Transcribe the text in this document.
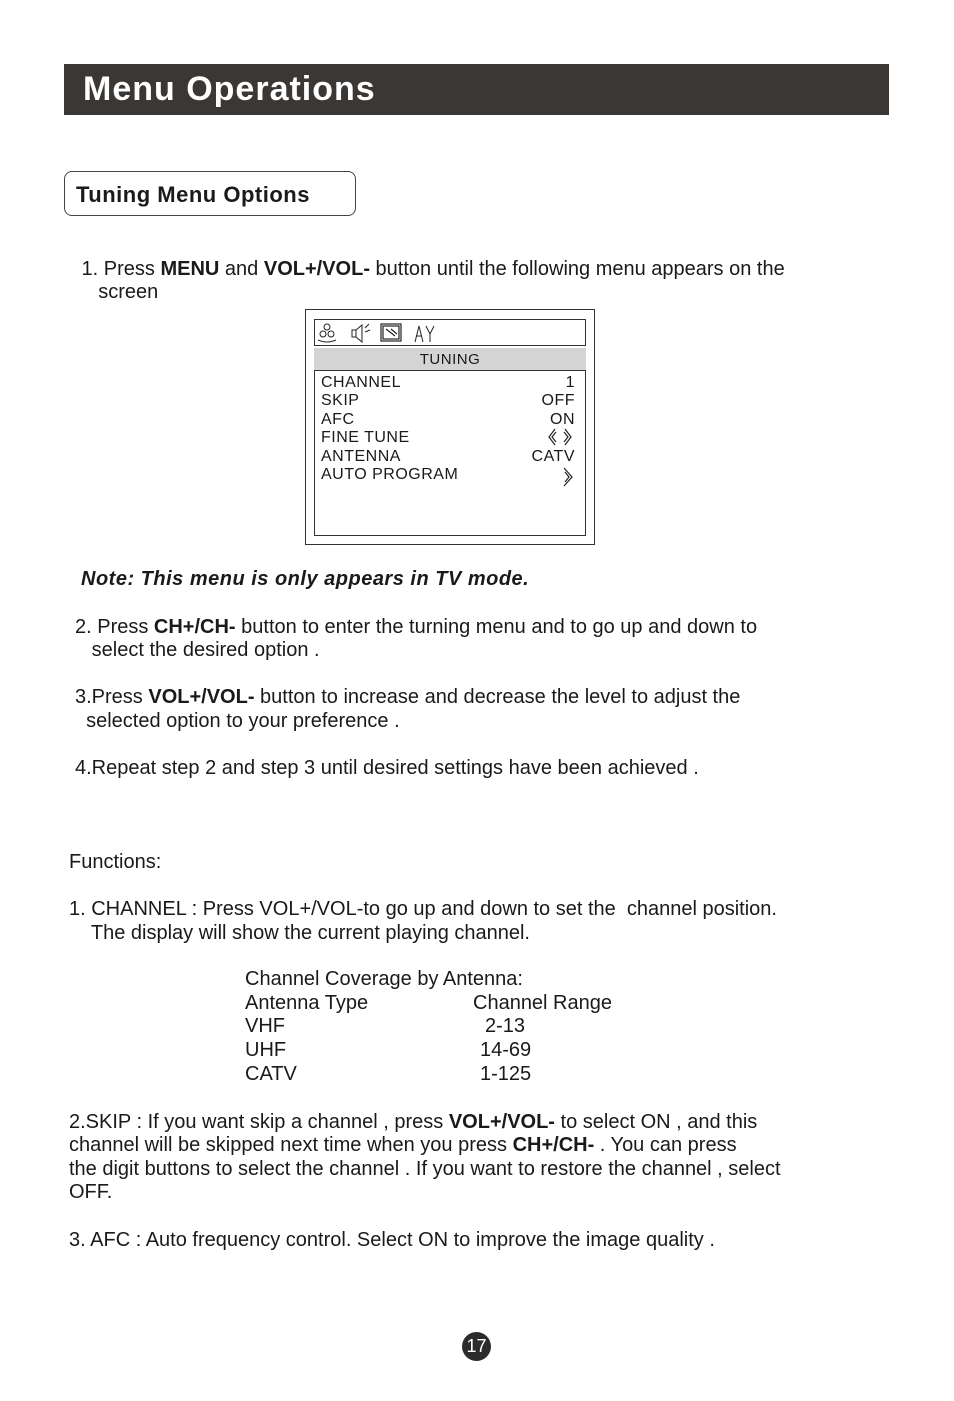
Menu Operations
Tuning Menu Options
1. Press MENU and VOL+/VOL- button until the following menu appears on the
screen
TUNING
CHANNEL	1
SKIP	OFF
AFC	ON
FINE TUNE
ANTENNA	CATV
AUTO PROGRAM
Note: This menu is only appears in TV mode.
2. Press CH+/CH- button to enter the turning menu and to go up and down to
select the desired option .
3.Press VOL+/VOL- button to increase and decrease the level to adjust the
selected option to your preference .
4.Repeat step 2 and step 3 until desired settings have been achieved .
Functions:
1. CHANNEL : Press VOL+/VOL-to go up and down to set the  channel position.
The display will show the current playing channel.
Channel Coverage by Antenna:
Antenna Type	Channel Range
VHF	2-13
UHF	14-69
CATV	1-125
2.SKIP : If you want skip a channel , press VOL+/VOL- to select ON , and this
channel will be skipped next time when you press CH+/CH- . You can press
the digit buttons to select the channel . If you want to restore the channel , select
OFF.
3. AFC : Auto frequency control. Select ON to improve the image quality .
17
